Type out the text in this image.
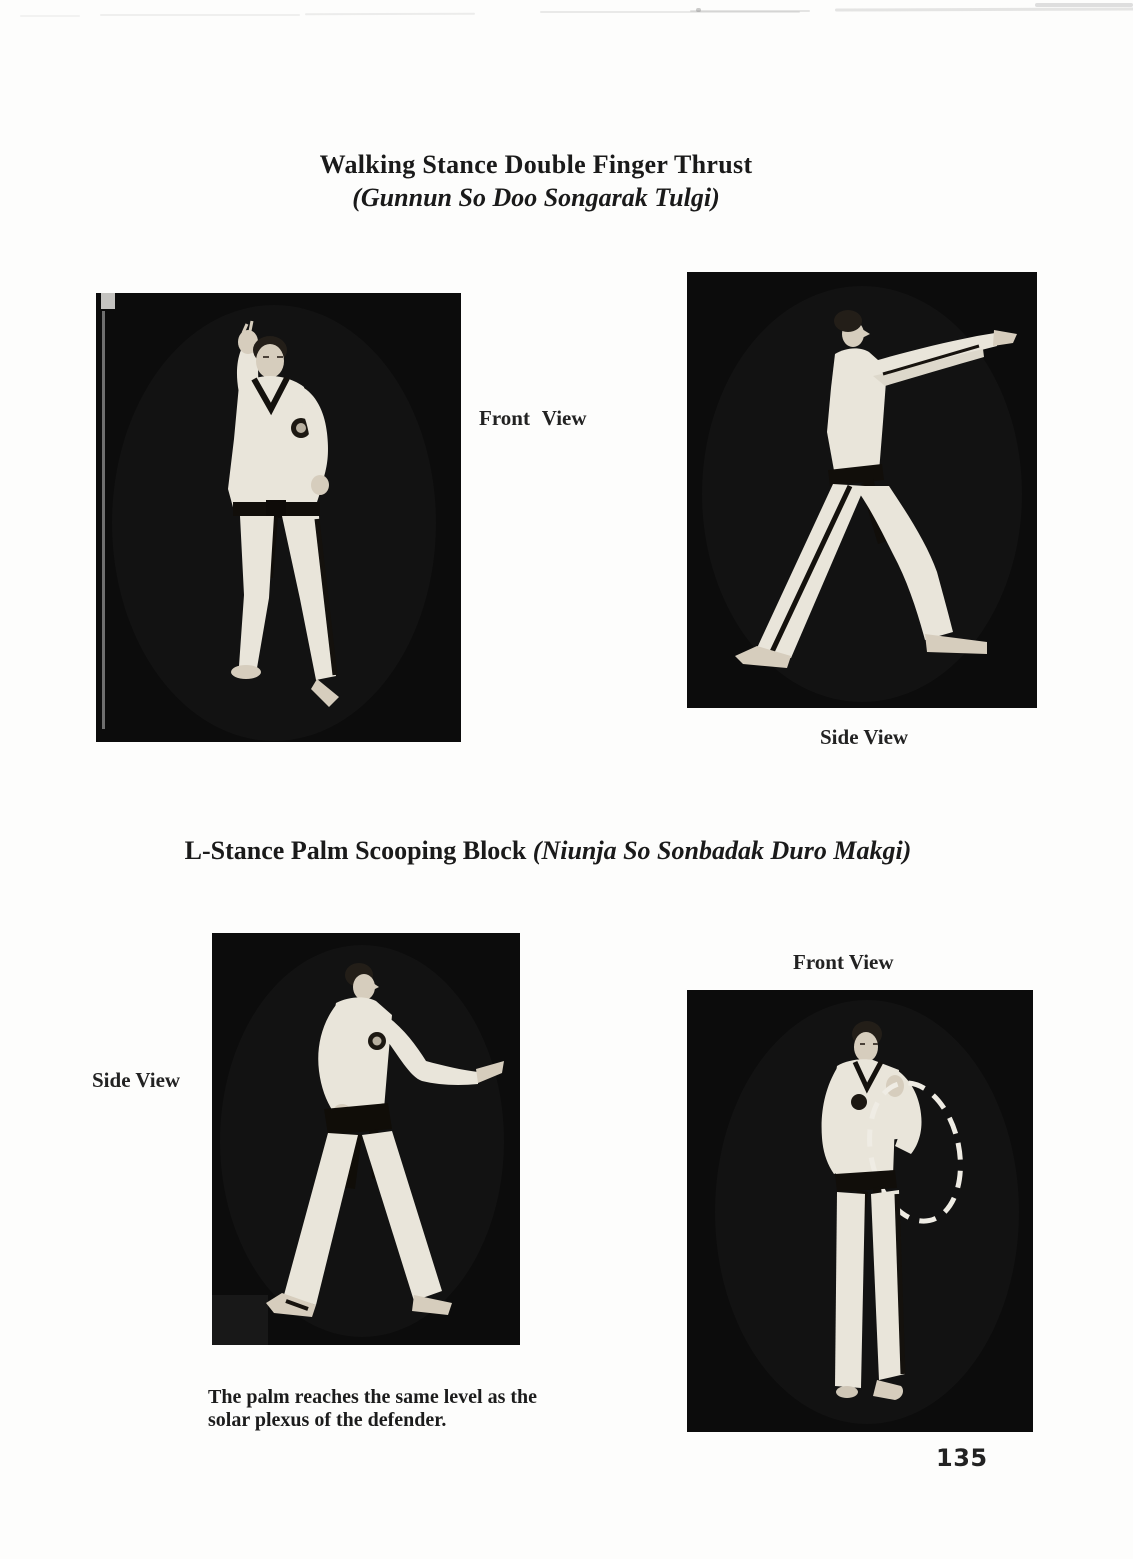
Walking Stance Double Finger Thrust
(Gunnun So Doo Songarak Tulgi)
Front View
Side View
L-Stance Palm Scooping Block (Niunja So Sonbadak Duro Makgi)
Front View
Side View
The palm reaches the same level as the
solar plexus of the defender.
135
